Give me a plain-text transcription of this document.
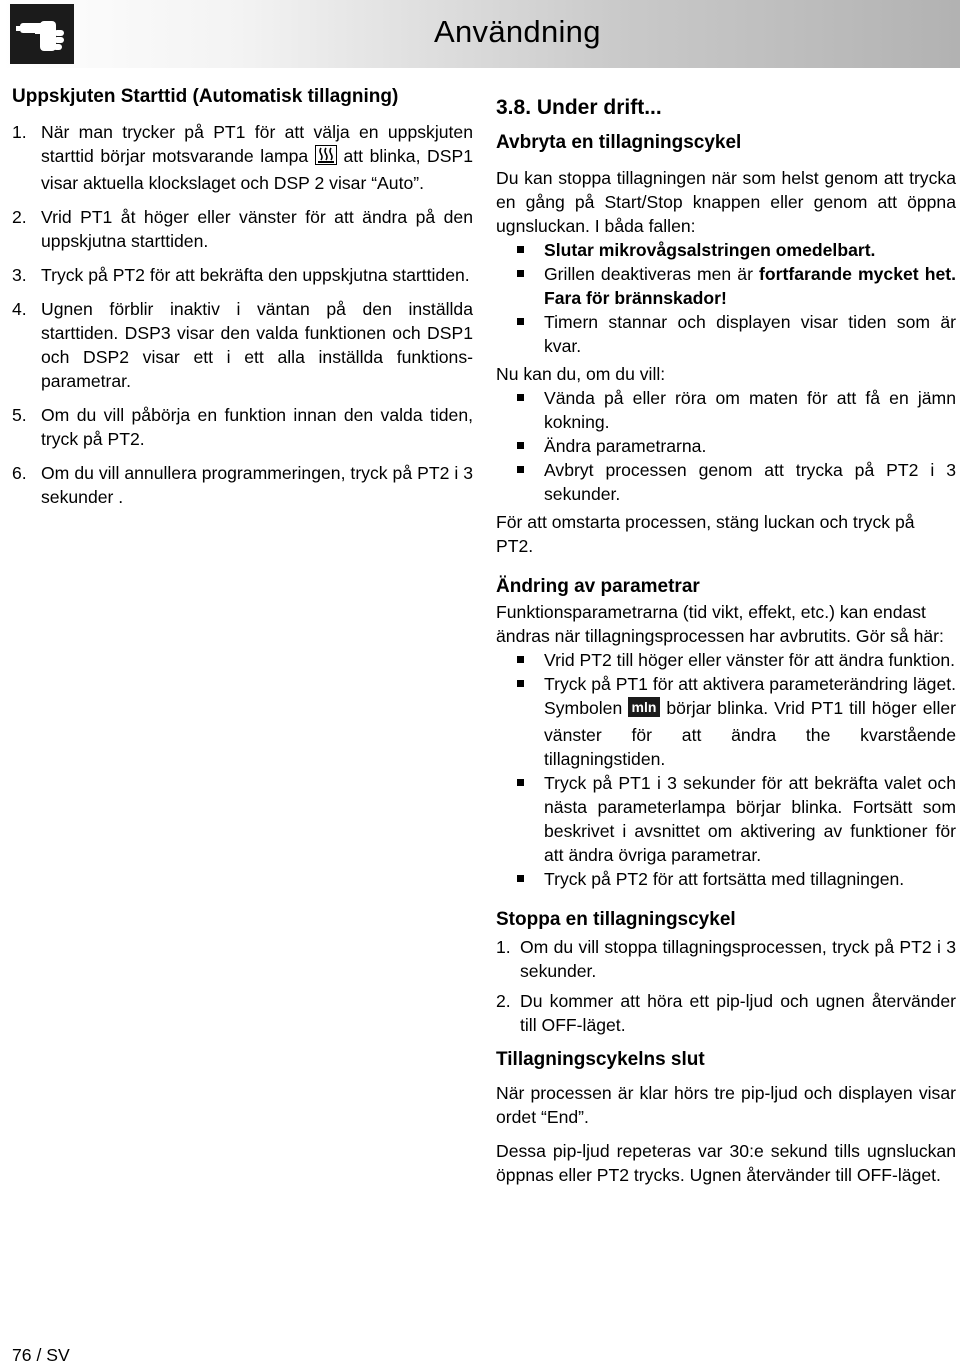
Användning
Uppskjuten Starttid (Automatisk tillagning)
1. När man trycker på PT1 för att välja en uppskjuten starttid börjar motsvarande lampa att blinka, DSP1 visar aktuella klockslaget och DSP 2 visar “Auto”.
2. Vrid PT1 åt höger eller vänster för att ändra på den uppskjutna starttiden.
3. Tryck på PT2 för att bekräfta den uppskjutna starttiden.
4. Ugnen förblir inaktiv i väntan på den inställda starttiden. DSP3 visar den valda funktionen och DSP1 och DSP2 visar ett i ett alla inställda funktions-parametrar.
5. Om du vill påbörja en funktion innan den valda tiden, tryck på PT2.
6. Om du vill annullera programmeringen, tryck på PT2 i 3 sekunder .
3.8. Under drift...
Avbryta en tillagningscykel

Du kan stoppa tillagningen när som helst genom att trycka en gång på Start/Stop knappen eller genom att öppna ugnsluckan. I båda fallen:

Slutar mikrovågsalstringen omedelbart.
Grillen deaktiveras men är fortfarande mycket het. Fara för brännskador!
Timern stannar och displayen visar tiden som är kvar.

Nu kan du, om du vill:

Vända på eller röra om maten för att få en jämn kokning.
Ändra parametrarna.
Avbryt processen genom att trycka på PT2 i 3 sekunder.

För att omstarta processen, stäng luckan och tryck på PT2.

Ändring av parametrar

Funktionsparametrarna (tid vikt, effekt, etc.) kan endast ändras när tillagningsprocessen har avbrutits. Gör så här:

Vrid PT2 till höger eller vänster för att ändra funktion.
Tryck på PT1 för att aktivera parameterändring läget. Symbolen mln börjar blinka. Vrid PT1 till höger eller vänster för att ändra the kvarstående tillagningstiden.
Tryck på PT1 i 3 sekunder för att bekräfta valet och nästa parameterlampa börjar blinka. Fortsätt som beskrivet i avsnittet om aktivering av funktioner för att ändra övriga parametrar.
Tryck på PT2 för att fortsätta med tillagningen.
Stoppa en tillagningscykel
1. Om du vill stoppa tillagningsprocessen, tryck på PT2 i 3 sekunder.
2. Du kommer att höra ett pip-ljud och ugnen återvänder till OFF-läget.
Tillagningscykelns slut

När processen är klar hörs tre pip-ljud och displayen visar ordet “End”.

Dessa pip-ljud repeteras var 30:e sekund tills ugnsluckan öppnas eller PT2 trycks. Ugnen återvänder till OFF-läget.

76 / SV
